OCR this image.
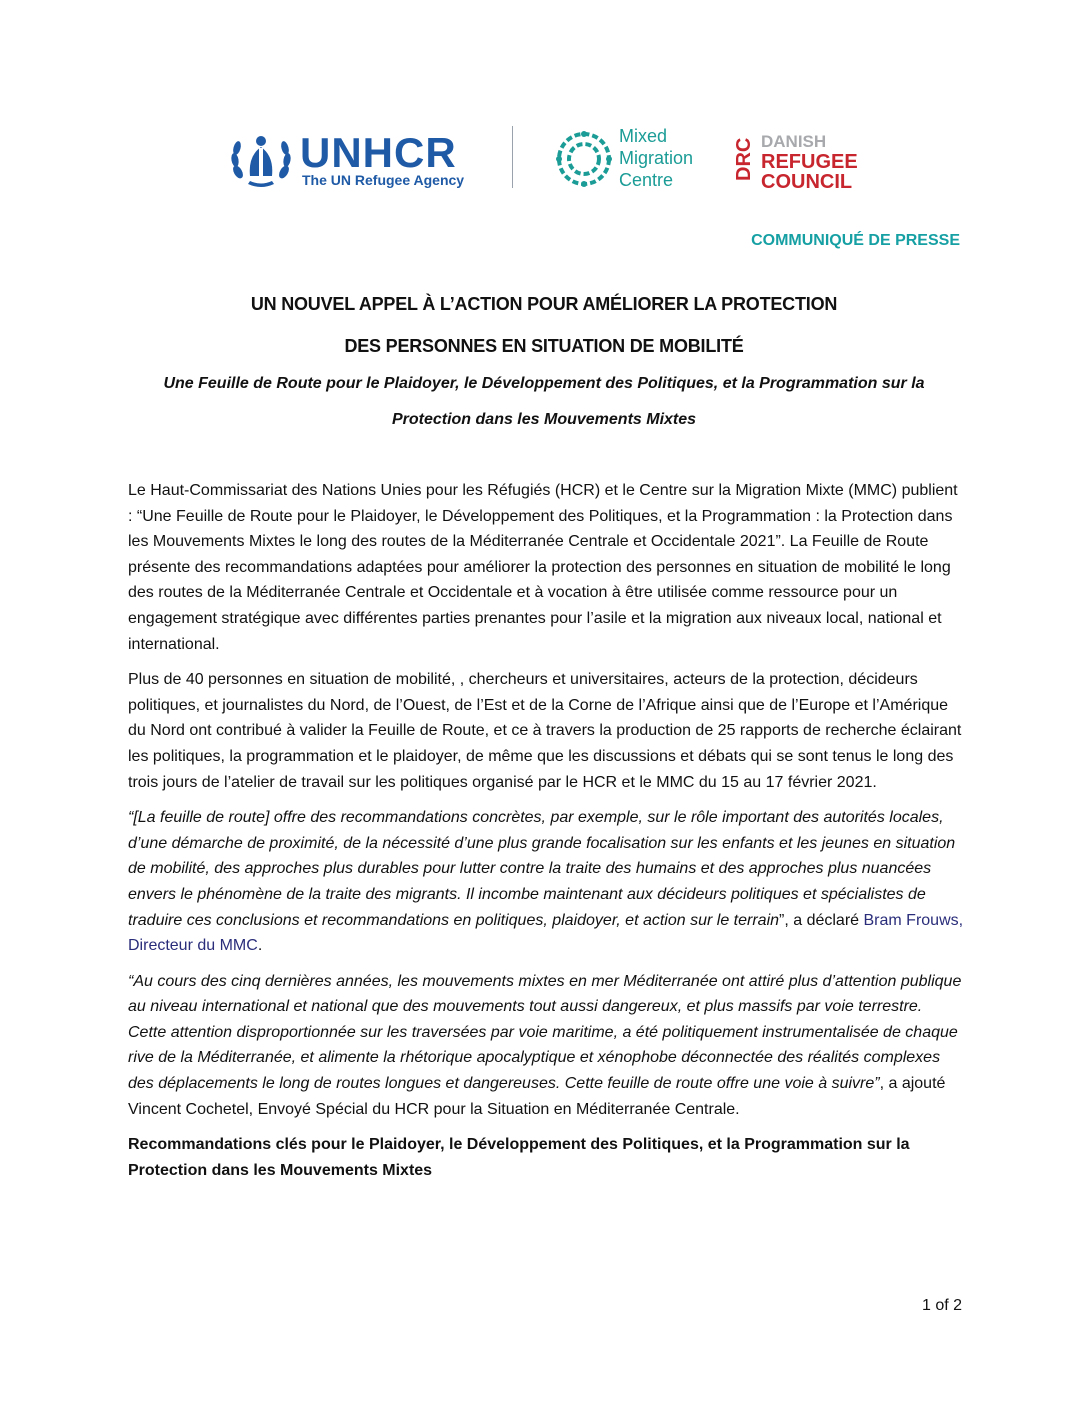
UNHCR
The UN Refugee Agency
Mixed
Migration
Centre	DRC DANISH
REFUGEE
COUNCIL
COMMUNIQUÉ DE PRESSE
UN NOUVEL APPEL À L’ACTION POUR AMÉLIORER LA PROTECTION
DES PERSONNES EN SITUATION DE MOBILITÉ
Une Feuille de Route pour le Plaidoyer, le Développement des Politiques, et la Programmation sur la Protection dans les Mouvements Mixtes

Le Haut-Commissariat des Nations Unies pour les Réfugiés (HCR) et le Centre sur la Migration Mixte (MMC) publient : “Une Feuille de Route pour le Plaidoyer, le Développement des Politiques, et la Programmation : la Protection dans les Mouvements Mixtes le long des routes de la Méditerranée Centrale et Occidentale 2021”. La Feuille de Route présente des recommandations adaptées pour améliorer la protection des personnes en situation de mobilité le long des routes de la Méditerranée Centrale et Occidentale et à vocation à être utilisée comme ressource pour un engagement stratégique avec différentes parties prenantes pour l’asile et la migration aux niveaux local, national et international.

Plus de 40 personnes en situation de mobilité, , chercheurs et universitaires, acteurs de la protection, décideurs politiques, et journalistes du Nord, de l’Ouest, de l’Est et de la Corne de l’Afrique ainsi que de l’Europe et l’Amérique du Nord ont contribué à valider la Feuille de Route, et ce à travers la production de 25 rapports de recherche éclairant les politiques, la programmation et le plaidoyer, de même que les discussions et débats qui se sont tenus le long des trois jours de l’atelier de travail sur les politiques organisé par le HCR et le MMC du 15 au 17 février 2021.

“[La feuille de route] offre des recommandations concrètes, par exemple, sur le rôle important des autorités locales, d’une démarche de proximité, de la nécessité d’une plus grande focalisation sur les enfants et les jeunes en situation de mobilité, des approches plus durables pour lutter contre la traite des humains et des approches plus nuancées envers le phénomène de la traite des migrants. Il incombe maintenant aux décideurs politiques et spécialistes de traduire ces conclusions et recommandations en politiques, plaidoyer, et action sur le terrain”, a déclaré Bram Frouws, Directeur du MMC.

“Au cours des cinq dernières années, les mouvements mixtes en mer Méditerranée ont attiré plus d’attention publique au niveau international et national que des mouvements tout aussi dangereux, et plus massifs par voie terrestre. Cette attention disproportionnée sur les traversées par voie maritime, a été politiquement instrumentalisée de chaque rive de la Méditerranée, et alimente la rhétorique apocalyptique et xénophobe déconnectée des réalités complexes des déplacements le long de routes longues et dangereuses. Cette feuille de route offre une voie à suivre”, a ajouté Vincent Cochetel, Envoyé Spécial du HCR pour la Situation en Méditerranée Centrale.

Recommandations clés pour le Plaidoyer, le Développement des Politiques, et la Programmation sur la Protection dans les Mouvements Mixtes

1 of 2
